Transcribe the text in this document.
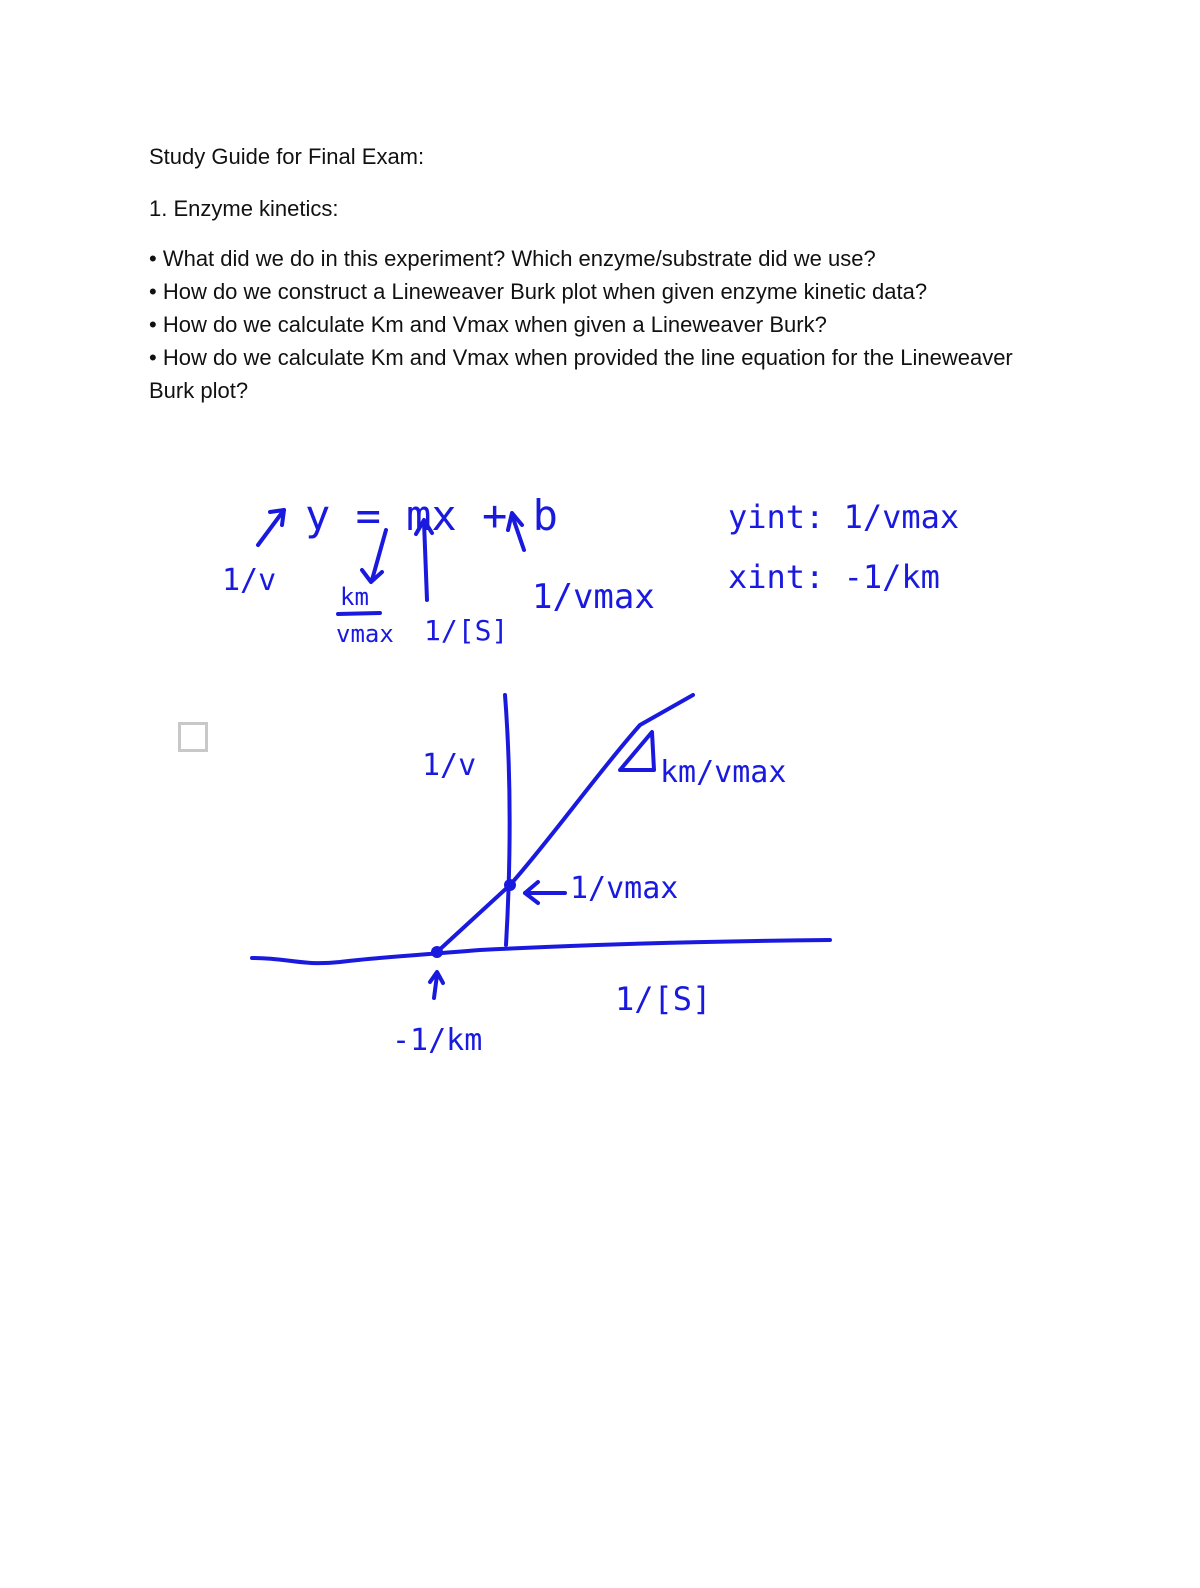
Study Guide for Final Exam:
1. Enzyme kinetics:

• What did we do in this experiment? Which enzyme/substrate did we use?

• How do we construct a Lineweaver Burk plot when given enzyme kinetic data?

• How do we calculate Km and Vmax when given a Lineweaver Burk?

• How do we calculate Km and Vmax when provided the line equation for the Lineweaver Burk plot?

y = mx + b
1/v	km
vmax 1/[S]
1/vmax
yint: 1/vmax
xint: -1/km
1/v	km/vmax
1/vmax
1/[S]
-1/km
